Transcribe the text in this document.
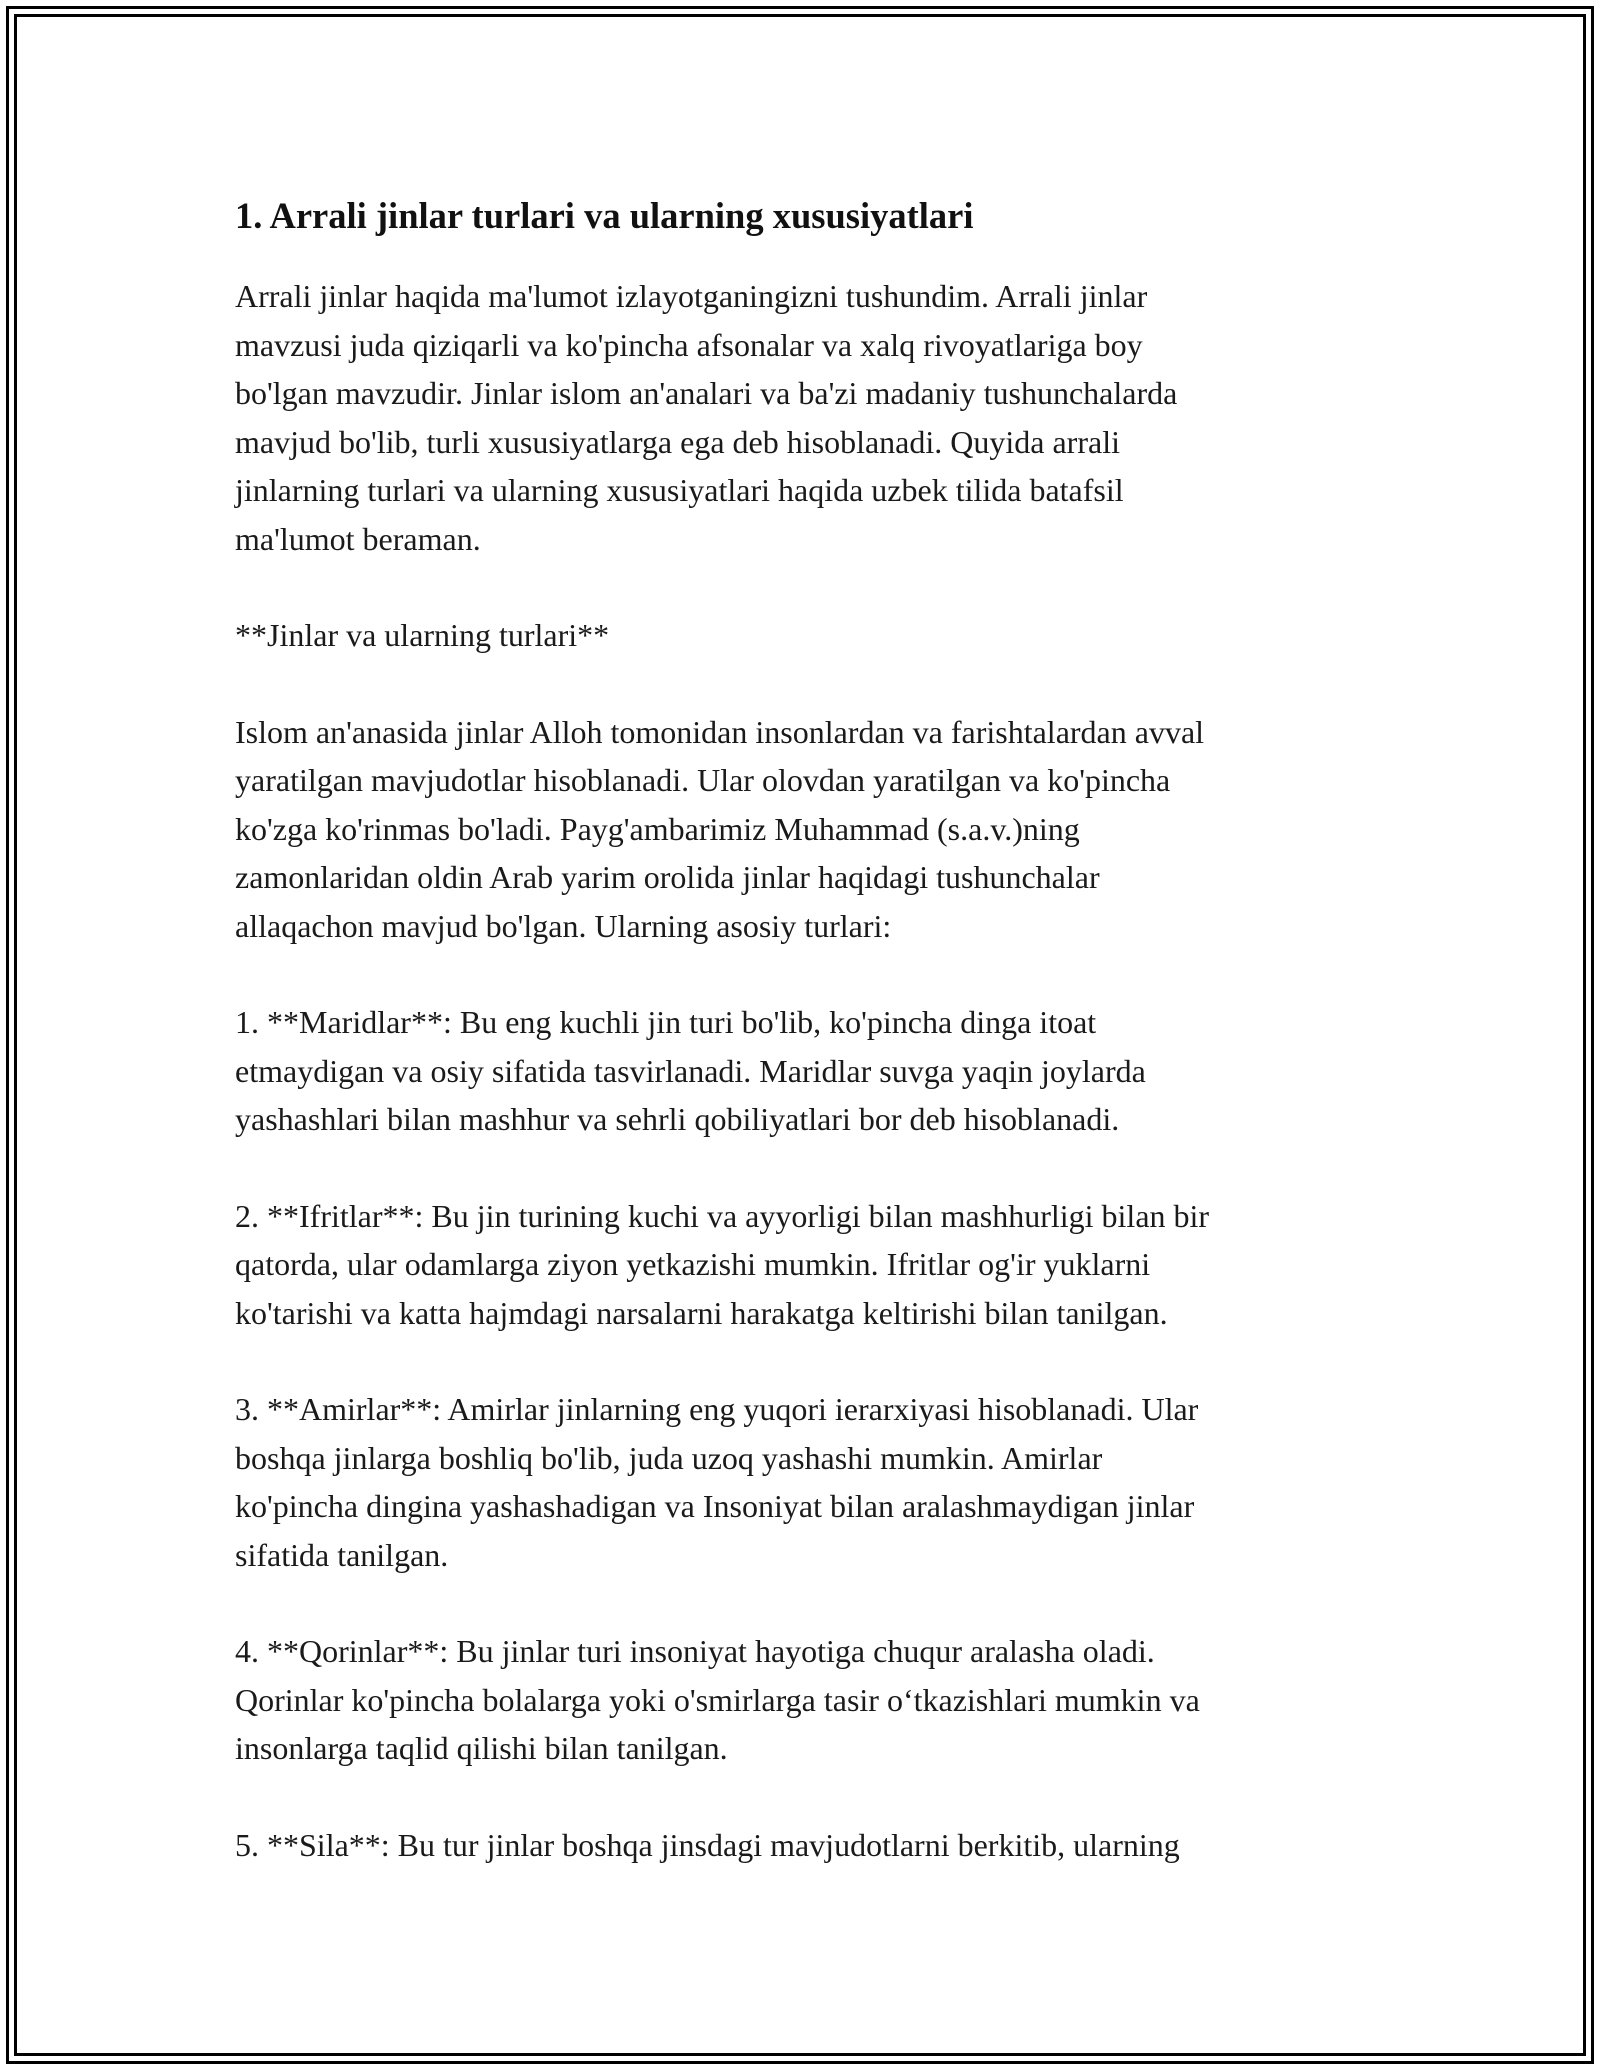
1. Arrali jinlar turlari va ularning xususiyatlari

Arrali jinlar haqida ma'lumot izlayotganingizni tushundim. Arrali jinlar
mavzusi juda qiziqarli va ko'pincha afsonalar va xalq rivoyatlariga boy
bo'lgan mavzudir. Jinlar islom an'analari va ba'zi madaniy tushunchalarda
mavjud bo'lib, turli xususiyatlarga ega deb hisoblanadi. Quyida arrali
jinlarning turlari va ularning xususiyatlari haqida uzbek tilida batafsil
ma'lumot beraman.

**Jinlar va ularning turlari**

Islom an'anasida jinlar Alloh tomonidan insonlardan va farishtalardan avval
yaratilgan mavjudotlar hisoblanadi. Ular olovdan yaratilgan va ko'pincha
ko'zga ko'rinmas bo'ladi. Payg'ambarimiz Muhammad (s.a.v.)ning
zamonlaridan oldin Arab yarim orolida jinlar haqidagi tushunchalar
allaqachon mavjud bo'lgan. Ularning asosiy turlari:

1. **Maridlar**: Bu eng kuchli jin turi bo'lib, ko'pincha dinga itoat
etmaydigan va osiy sifatida tasvirlanadi. Maridlar suvga yaqin joylarda
yashashlari bilan mashhur va sehrli qobiliyatlari bor deb hisoblanadi.

2. **Ifritlar**: Bu jin turining kuchi va ayyorligi bilan mashhurligi bilan bir
qatorda, ular odamlarga ziyon yetkazishi mumkin. Ifritlar og'ir yuklarni
ko'tarishi va katta hajmdagi narsalarni harakatga keltirishi bilan tanilgan.

3. **Amirlar**: Amirlar jinlarning eng yuqori ierarxiyasi hisoblanadi. Ular
boshqa jinlarga boshliq bo'lib, juda uzoq yashashi mumkin. Amirlar
ko'pincha dingina yashashadigan va Insoniyat bilan aralashmaydigan jinlar
sifatida tanilgan.

4. **Qorinlar**: Bu jinlar turi insoniyat hayotiga chuqur aralasha oladi.
Qorinlar ko'pincha bolalarga yoki o'smirlarga tasir o‘tkazishlari mumkin va
insonlarga taqlid qilishi bilan tanilgan.

5. **Sila**: Bu tur jinlar boshqa jinsdagi mavjudotlarni berkitib, ularning
